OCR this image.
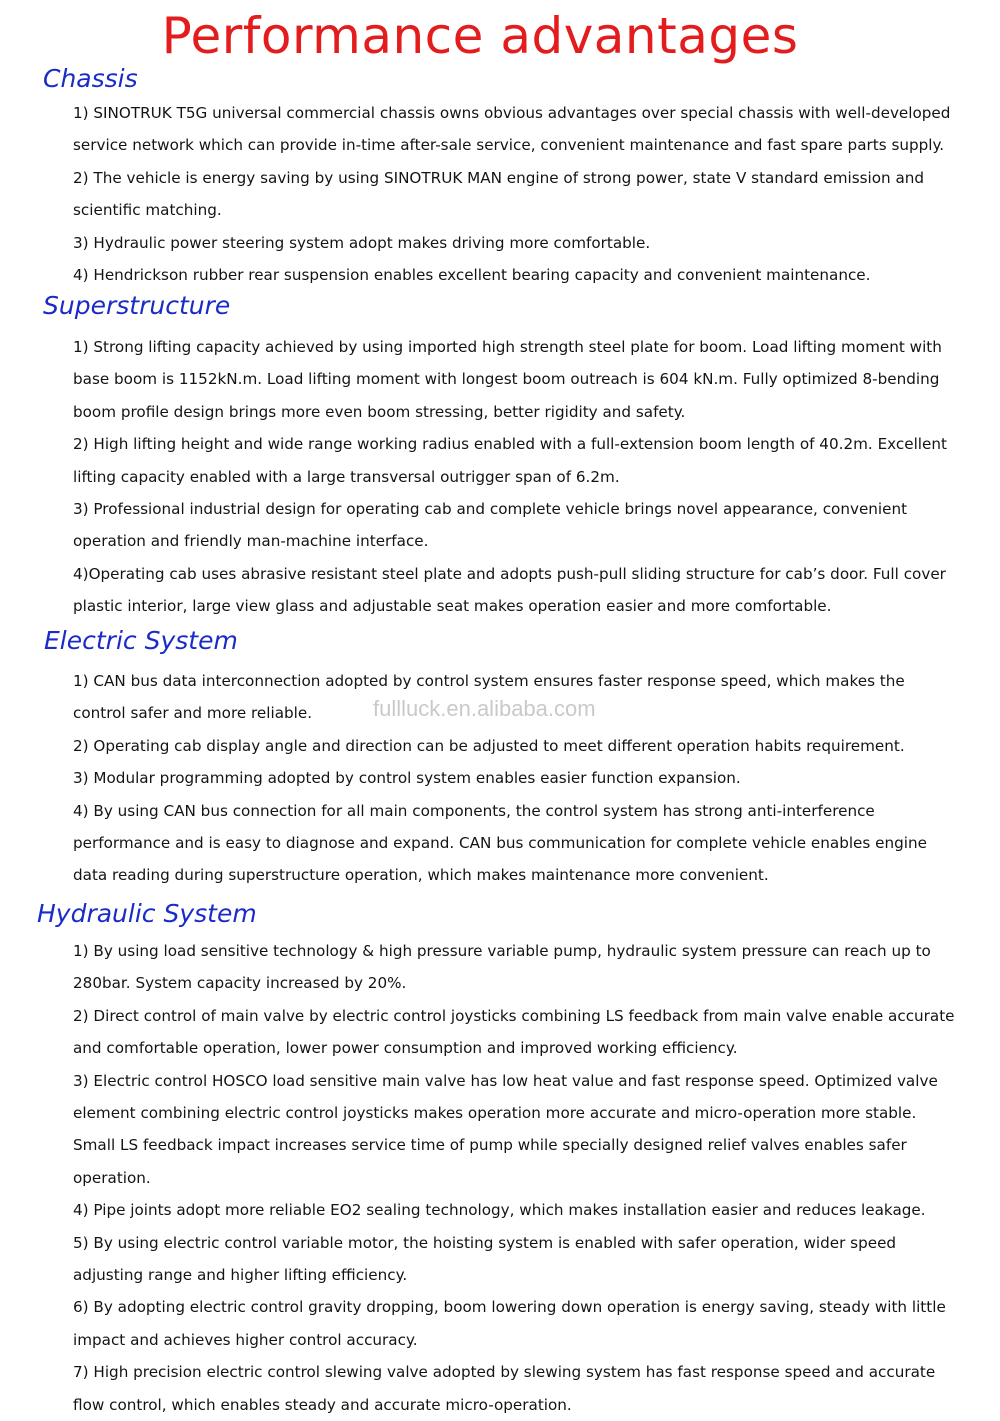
Performance advantages
Chassis
1) SINOTRUK T5G universal commercial chassis owns obvious advantages over special chassis with well-developed service network which can provide in-time after-sale service, convenient maintenance and fast spare parts supply.
2) The vehicle is energy saving by using SINOTRUK MAN engine of strong power, state V standard emission and scientific matching.
3) Hydraulic power steering system adopt makes driving more comfortable.
4) Hendrickson rubber rear suspension enables excellent bearing capacity and convenient maintenance.
Superstructure
1) Strong lifting capacity achieved by using imported high strength steel plate for boom. Load lifting moment with base boom is 1152kN.m. Load lifting moment with longest boom outreach is 604 kN.m. Fully optimized 8-bending boom profile design brings more even boom stressing, better rigidity and safety.
2) High lifting height and wide range working radius enabled with a full-extension boom length of 40.2m. Excellent lifting capacity enabled with a large transversal outrigger span of 6.2m.
3) Professional industrial design for operating cab and complete vehicle brings novel appearance, convenient operation and friendly man-machine interface.
4)Operating cab uses abrasive resistant steel plate and adopts push-pull sliding structure for cab’s door. Full cover plastic interior, large view glass and adjustable seat makes operation easier and more comfortable.
Electric System
1) CAN bus data interconnection adopted by control system ensures faster response speed, which makes the control safer and more reliable.
2) Operating cab display angle and direction can be adjusted to meet different operation habits requirement.
3) Modular programming adopted by control system enables easier function expansion.
4) By using CAN bus connection for all main components, the control system has strong anti-interference performance and is easy to diagnose and expand. CAN bus communication for complete vehicle enables engine data reading during superstructure operation, which makes maintenance more convenient.
Hydraulic System
1) By using load sensitive technology & high pressure variable pump, hydraulic system pressure can reach up to 280bar. System capacity increased by 20%.
2) Direct control of main valve by electric control joysticks combining LS feedback from main valve enable accurate and comfortable operation, lower power consumption and improved working efficiency.
3) Electric control HOSCO load sensitive main valve has low heat value and fast response speed. Optimized valve element combining electric control joysticks makes operation more accurate and micro-operation more stable. Small LS feedback impact increases service time of pump while specially designed relief valves enables safer operation.
4) Pipe joints adopt more reliable EO2 sealing technology, which makes installation easier and reduces leakage.
5) By using electric control variable motor, the hoisting system is enabled with safer operation, wider speed adjusting range and higher lifting efficiency.
6) By adopting electric control gravity dropping, boom lowering down operation is energy saving, steady with little impact and achieves higher control accuracy.
7) High precision electric control slewing valve adopted by slewing system has fast response speed and accurate flow control, which enables steady and accurate micro-operation.
fullluck.en.alibaba.com
